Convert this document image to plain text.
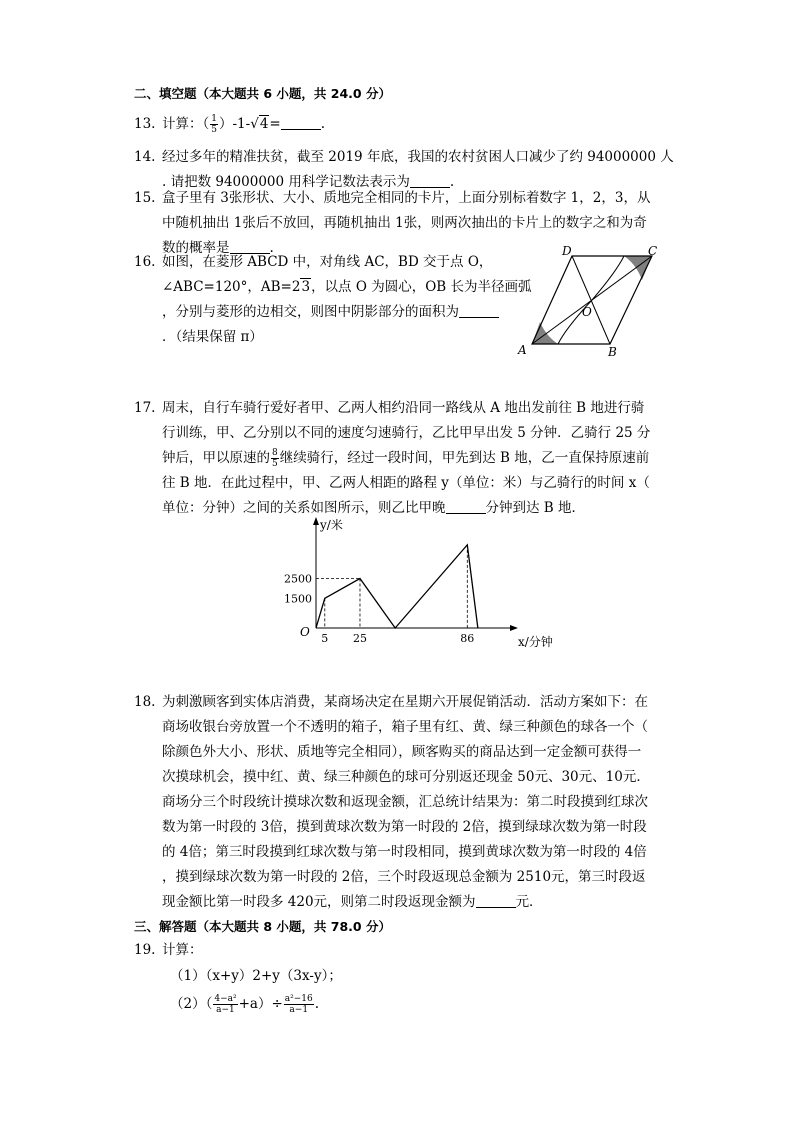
二、填空题（本大题共 6 小题，共 24.0 分）
13. 计算：（ $\frac{1}{5} )-1-√4=$	.
14. 经过多年的精准扶贫，截至 2019 年底，我国的农村贫困人口减少了约 94000000 人
. 请把数 94000000 用科学记数法表示为	.
15. 盒子里有 3张形状、大小、质地完全相同的卡片，上面分别标着数字 1，2，3，从
中随机抽出 1张后不放回，再随机抽出 1张，则两次抽出的卡片上的数字之和为奇
数的概率是	.
16. 如图，在菱形 ABCD 中，对角线 AC，BD 交于点 O，
∠ABC=120°，AB=23，以点 O 为圆心，OB 长为半径画弧
，分别与菱形的边相交，则图中阴影部分的面积为
．（结果保留 π）
A	B
C
D
O
17. 周末，自行车骑行爱好者甲、乙两人相约沿同一路线从 A 地出发前往 B 地进行骑
行训练，甲、乙分别以不同的速度匀速骑行，乙比甲早出发 5 分钟．乙骑行 25 分
钟后，甲以原速的 $\frac{8}{5}$ 继续骑行，经过一段时间，甲先到达 B 地，乙一直保持原速前
往 B 地．在此过程中，甲、乙两人相距的路程 y（单位：米）与乙骑行的时间 x（
单位：分钟）之间的关系如图所示，则乙比甲晚	分钟到达 B 地．
5 25	86
2500
1500
O
y/米
x/分钟
18. 为刺激顾客到实体店消费，某商场决定在星期六开展促销活动．活动方案如下：在
商场收银台旁放置一个不透明的箱子，箱子里有红、黄、绿三种颜色的球各一个（
除颜色外大小、形状、质地等完全相同），顾客购买的商品达到一定金额可获得一
次摸球机会，摸中红、黄、绿三种颜色的球可分别返还现金 50元、30元、10元．
商场分三个时段统计摸球次数和返现金额，汇总统计结果为：第二时段摸到红球次
数为第一时段的 3倍，摸到黄球次数为第一时段的 2倍，摸到绿球次数为第一时段
的 4倍；第三时段摸到红球次数与第一时段相同，摸到黄球次数为第一时段的 4倍
，摸到绿球次数为第一时段的 2倍，三个时段返现总金额为 2510元，第三时段返
现金额比第一时段多 420元，则第二时段返现金额为	元．
三、解答题（本大题共 8 小题，共 78.0 分）
19. 计算：
（1）（x+y）2+y（3x-y）；
$(2)( \frac{\text{4−a²}}{a-1} +a)\div \frac{\text{a²−16}}{a-1}$ .
